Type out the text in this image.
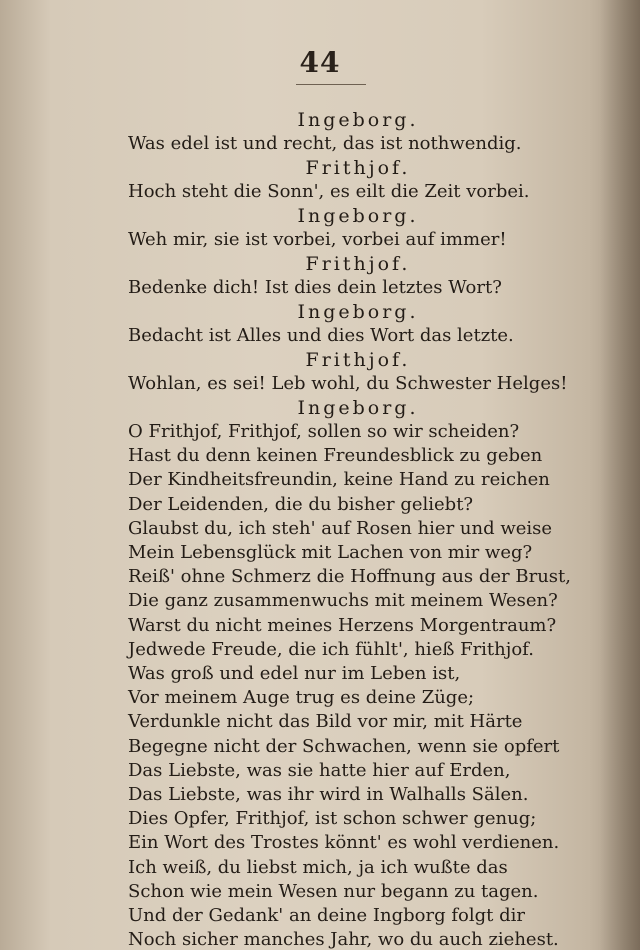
44
Ingeborg.
Was edel ist und recht, das ist nothwendig.
Frithjof.
Hoch steht die Sonn', es eilt die Zeit vorbei.
Ingeborg.
Weh mir, sie ist vorbei, vorbei auf immer!
Frithjof.
Bedenke dich! Ist dies dein letztes Wort?
Ingeborg.
Bedacht ist Alles und dies Wort das letzte.
Frithjof.
Wohlan, es sei! Leb wohl, du Schwester Helges!
Ingeborg.
O Frithjof, Frithjof, sollen so wir scheiden?
Hast du denn keinen Freundesblick zu geben
Der Kindheitsfreundin, keine Hand zu reichen
Der Leidenden, die du bisher geliebt?
Glaubst du, ich steh' auf Rosen hier und weise
Mein Lebensglück mit Lachen von mir weg?
Reiß' ohne Schmerz die Hoffnung aus der Brust,
Die ganz zusammenwuchs mit meinem Wesen?
Warst du nicht meines Herzens Morgentraum?
Jedwede Freude, die ich fühlt', hieß Frithjof.
Was groß und edel nur im Leben ist,
Vor meinem Auge trug es deine Züge;
Verdunkle nicht das Bild vor mir, mit Härte
Begegne nicht der Schwachen, wenn sie opfert
Das Liebste, was sie hatte hier auf Erden,
Das Liebste, was ihr wird in Walhalls Sälen.
Dies Opfer, Frithjof, ist schon schwer genug;
Ein Wort des Trostes könnt' es wohl verdienen.
Ich weiß, du liebst mich, ja ich wußte das
Schon wie mein Wesen nur begann zu tagen.
Und der Gedank' an deine Ingborg folgt dir
Noch sicher manches Jahr, wo du auch ziehest.
